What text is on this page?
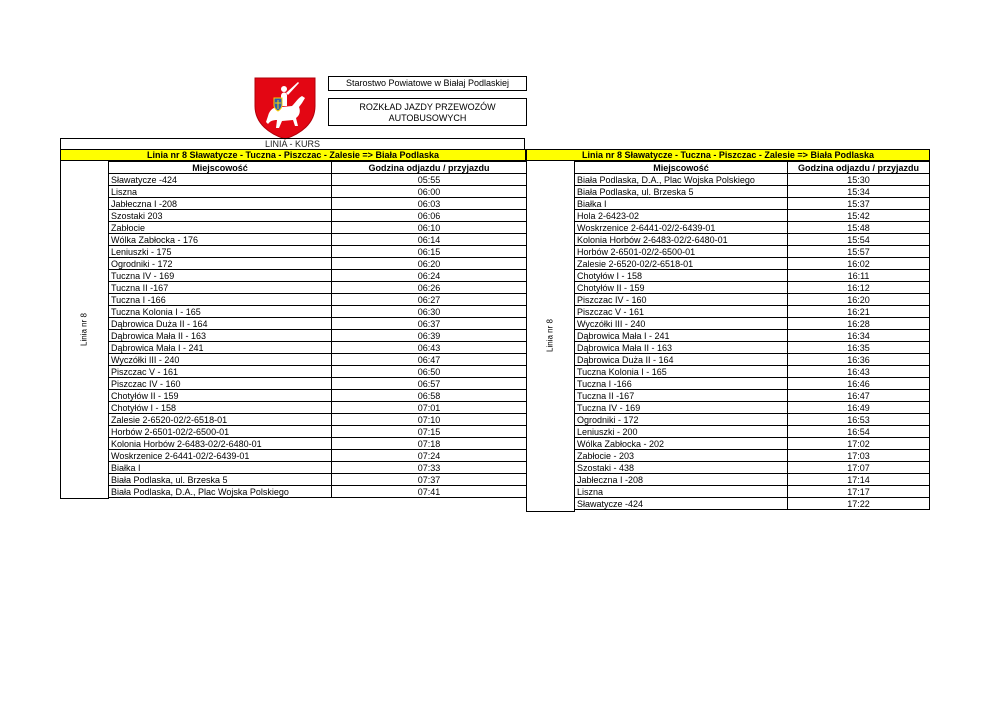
Starostwo Powiatowe w Białaj Podlaskiej
ROZKŁAD JAZDY PRZEWOZÓW AUTOBUSOWYCH
LINIA - KURS
Linia nr 8 Sławatycze - Tuczna - Piszczac - Zalesie => Biała Podlaska
Linia nr 8
Miejscowość	Godzina odjazdu / przyjazdu
Sławatycze -424	05:55
Liszna	06:00
Jabłeczna I -208	06:03
Szostaki 203	06:06
Zabłocie	06:10
Wólka Zabłocka - 176	06:14
Leniuszki - 175	06:15
Ogrodniki - 172	06:20
Tuczna IV - 169	06:24
Tuczna II -167	06:26
Tuczna I -166	06:27
Tuczna Kolonia I - 165	06:30
Dąbrowica Duża II - 164	06:37
Dąbrowica Mała II - 163	06:39
Dąbrowica Mała I - 241	06:43
Wyczółki III - 240	06:47
Piszczac V - 161	06:50
Piszczac IV - 160	06:57
Chotyłów II - 159	06:58
Chotyłów I - 158	07:01
Zalesie 2-6520-02/2-6518-01	07:10
Horbów 2-6501-02/2-6500-01	07:15
Kolonia Horbów 2-6483-02/2-6480-01	07:18
Woskrzenice 2-6441-02/2-6439-01	07:24
Białka I	07:33
Biała Podlaska, ul. Brzeska 5	07:37
Biała Podlaska, D.A., Plac Wojska Polskiego	07:41
Linia nr 8 Sławatycze - Tuczna - Piszczac - Zalesie => Biała Podlaska
Linia nr 8
Miejscowość	Godzina odjazdu / przyjazdu
Biała Podlaska, D.A., Plac Wojska Polskiego	15:30
Biała Podlaska, ul. Brzeska 5	15:34
Białka I	15:37
Hola 2-6423-02	15:42
Woskrzenice 2-6441-02/2-6439-01	15:48
Kolonia Horbów 2-6483-02/2-6480-01	15:54
Horbów 2-6501-02/2-6500-01	15:57
Zalesie 2-6520-02/2-6518-01	16:02
Chotyłów I - 158	16:11
Chotyłów II - 159	16:12
Piszczac IV - 160	16:20
Piszczac V - 161	16:21
Wyczółki III - 240	16:28
Dąbrowica Mała I - 241	16:34
Dąbrowica Mała II - 163	16:35
Dąbrowica Duża II - 164	16:36
Tuczna Kolonia I - 165	16:43
Tuczna I -166	16:46
Tuczna II -167	16:47
Tuczna IV - 169	16:49
Ogrodniki - 172	16:53
Leniuszki - 200	16:54
Wólka Zabłocka - 202	17:02
Zabłocie - 203	17:03
Szostaki - 438	17:07
Jabłeczna I -208	17:14
Liszna	17:17
Sławatycze -424	17:22
